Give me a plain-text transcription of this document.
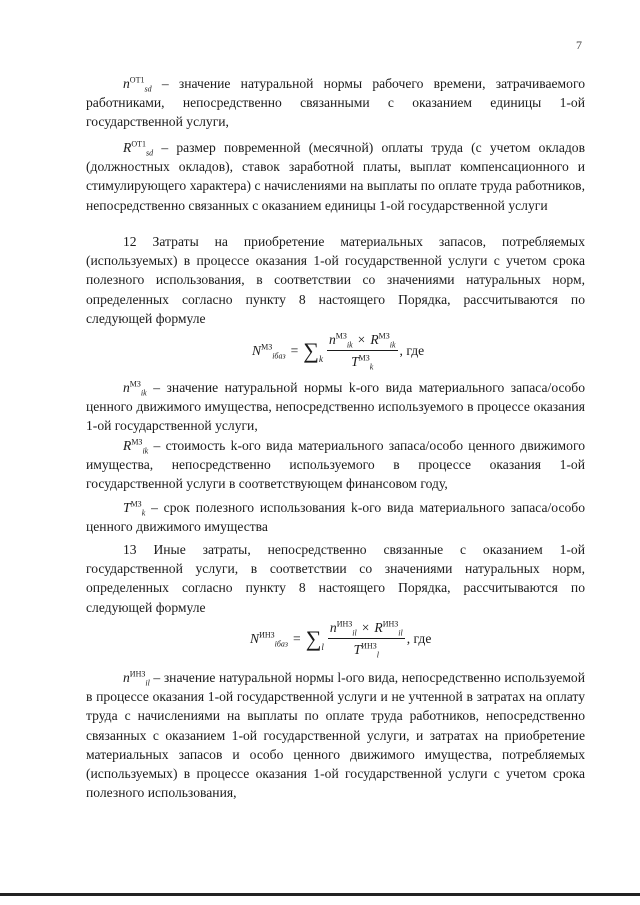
7
$n^{ОТ1}_{sd}$ – значение натуральной нормы рабочего времени, затрачиваемого работниками, непосредственно связанными с оказанием единицы 1-ой государственной услуги,
$R^{ОТ1}_{sd}$ – размер повременной (месячной) оплаты труда (с учетом окладов (должностных окладов), ставок заработной платы, выплат компенсационного и стимулирующего характера) с начислениями на выплаты по оплате труда работников, непосредственно связанных с оказанием единицы 1-ой государственной услуги
12 Затраты на приобретение материальных запасов, потребляемых (используемых) в процессе оказания 1-ой государственной услуги с учетом срока полезного использования, в соответствии со значениями натуральных норм, определенных согласно пункту 8 настоящего Порядка, рассчитываются по следующей формуле
$N^{МЗ}_{iбаз}$ = ∑ k $\frac{n^{МЗ}_{ik} \times R^{МЗ}_{ik}}{T^{МЗ}_k}$ , где
$n^{МЗ}_{ik}$ – значение натуральной нормы k-ого вида материального запаса/особо ценного движимого имущества, непосредственно используемого в процессе оказания 1-ой государственной услуги,
$R^{МЗ}_{ik}$ – стоимость k-ого вида материального запаса/особо ценного движимого имущества, непосредственно используемого в процессе оказания 1-ой государственной услуги в соответствующем финансовом году,
$T^{МЗ}_k$ – срок полезного использования k-ого вида материального запаса/особо ценного движимого имущества
13 Иные затраты, непосредственно связанные с оказанием 1-ой государственной услуги, в соответствии со значениями натуральных норм, определенных согласно пункту 8 настоящего Порядка, рассчитываются по следующей формуле
$N^{ИНЗ}_{iбаз}$ = ∑ l $\frac{n^{ИНЗ}_{il} \times R^{ИНЗ}_{il}}{T^{ИНЗ}_l}$ , где
$n^{ИНЗ}_{il}$ – значение натуральной нормы l-ого вида, непосредственно используемой в процессе оказания 1-ой государственной услуги и не учтенной в затратах на оплату труда с начислениями на выплаты по оплате труда работников, непосредственно связанных с оказанием 1-ой государственной услуги, и затратах на приобретение материальных запасов и особо ценного движимого имущества, потребляемых (используемых) в процессе оказания 1-ой государственной услуги с учетом срока полезного использования,
